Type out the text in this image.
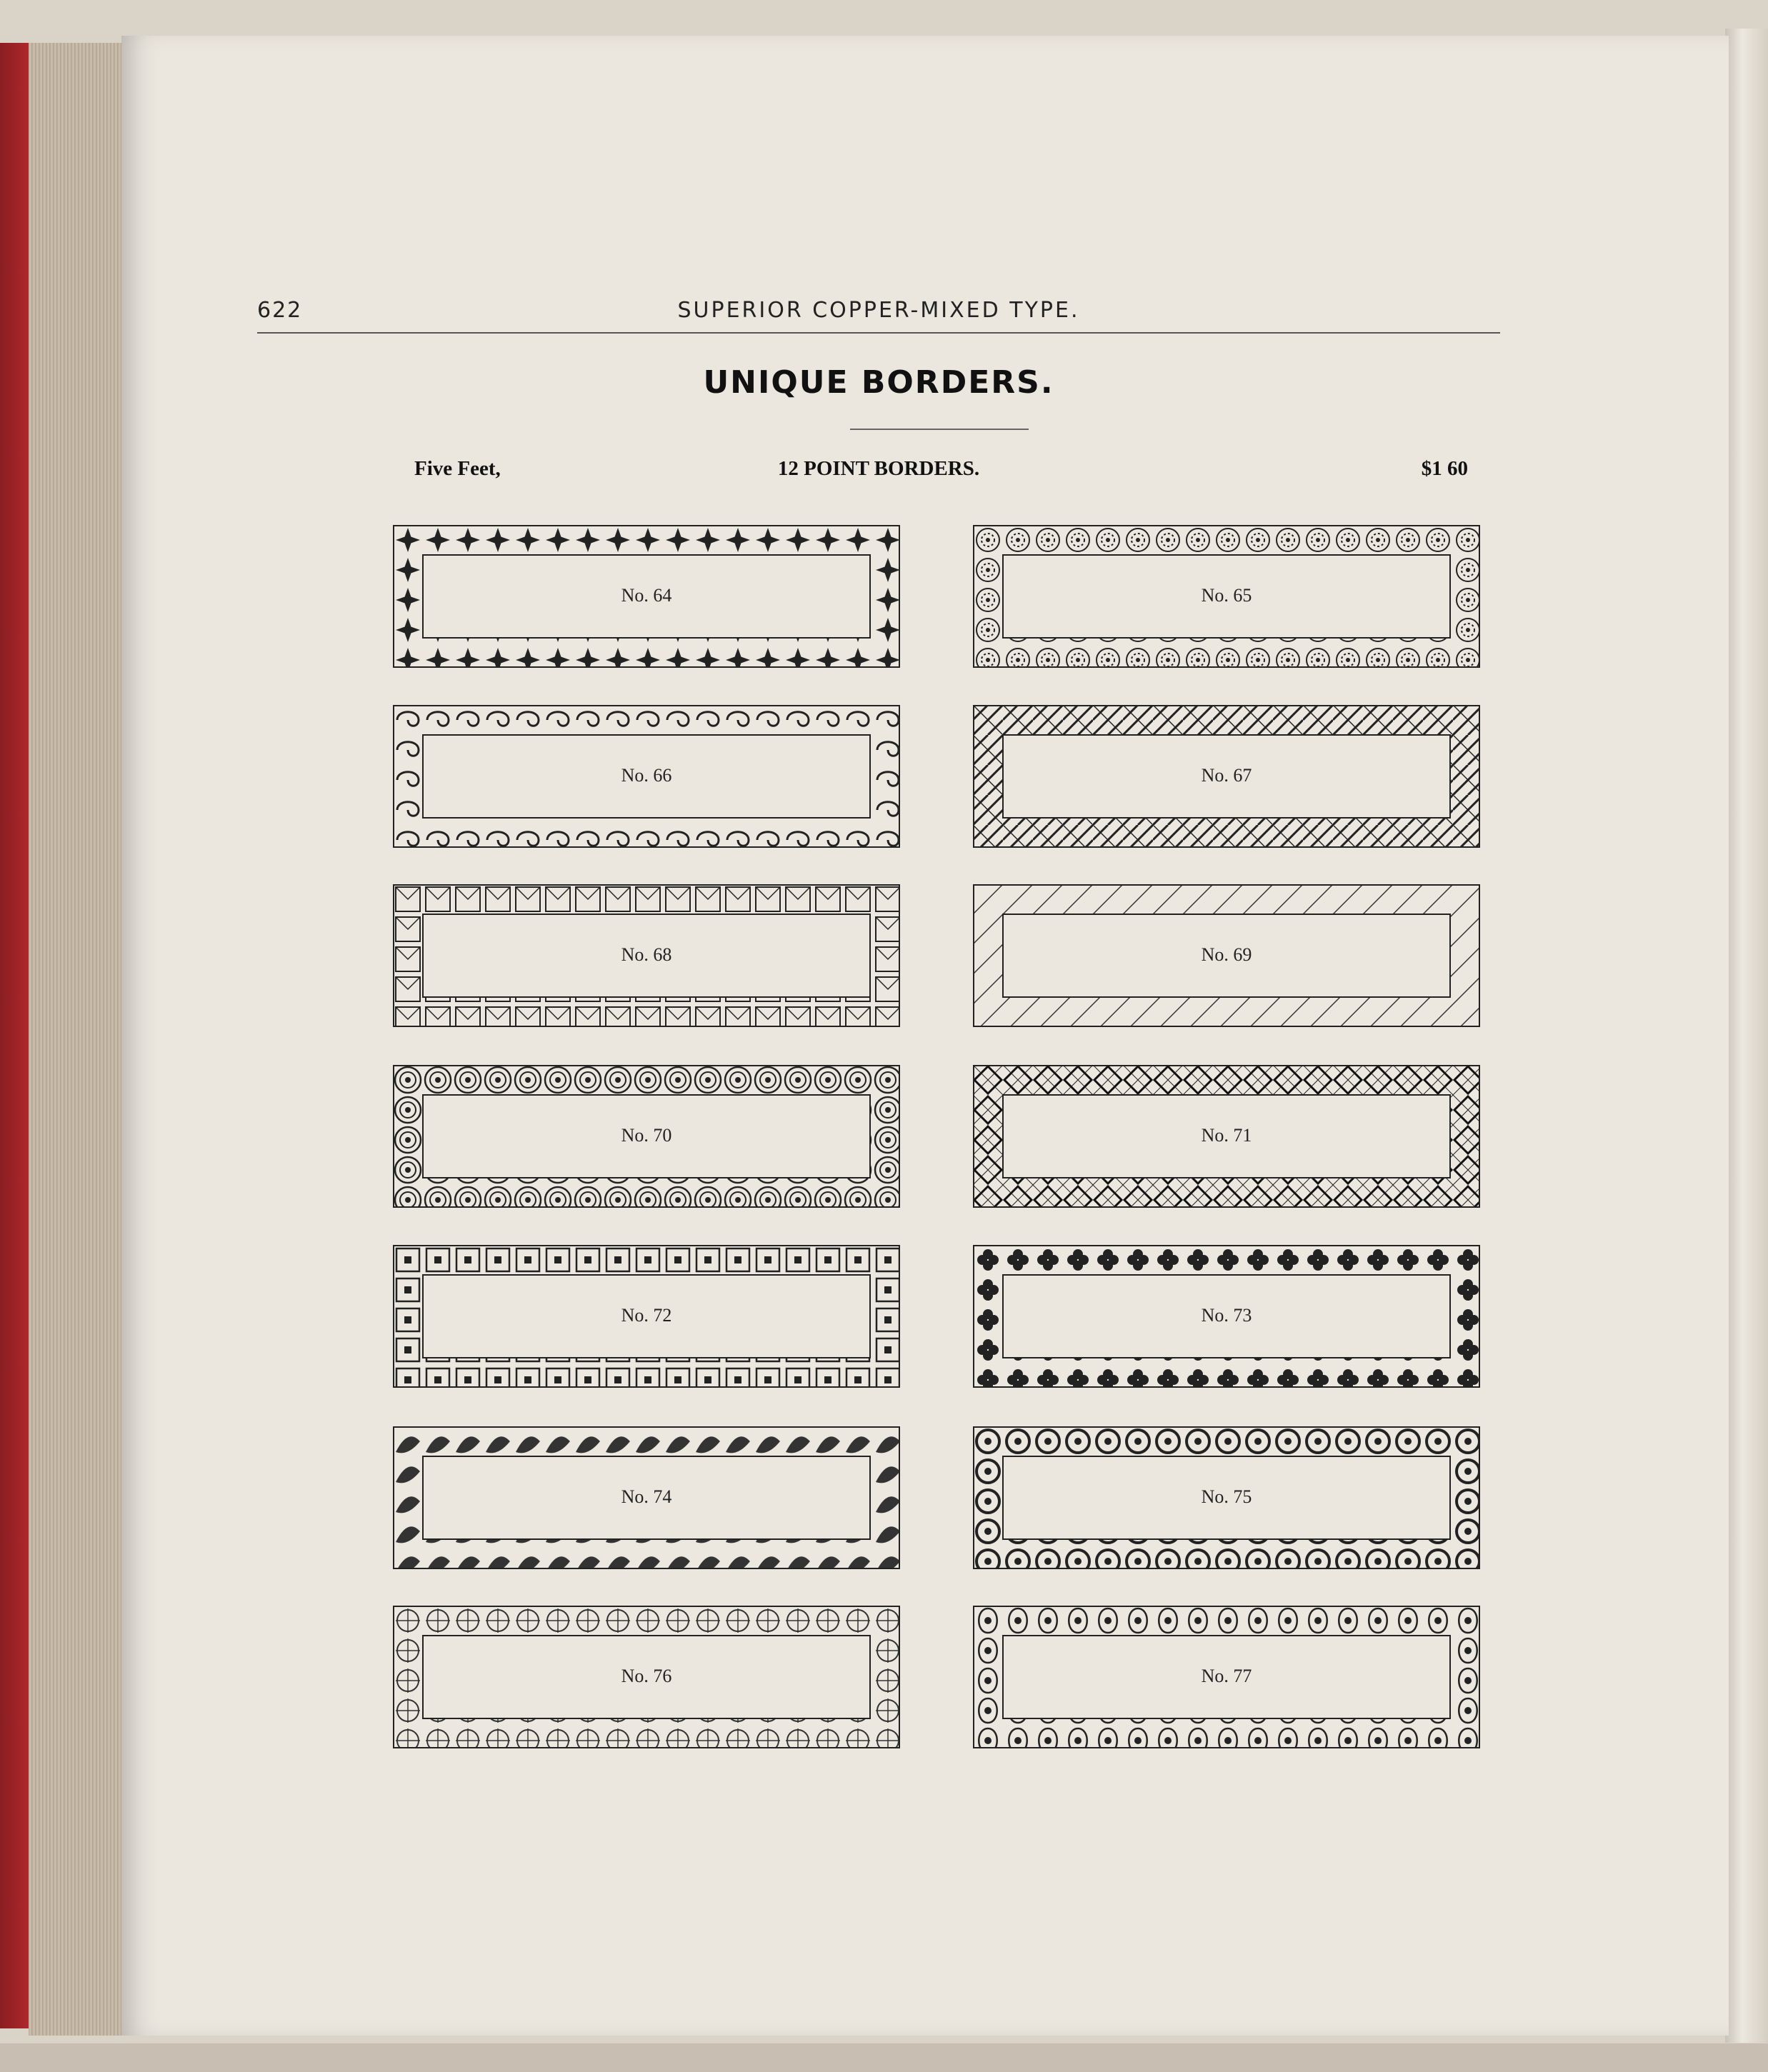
622	SUPERIOR COPPER-MIXED TYPE.
UNIQUE BORDERS.
Five Feet,	12 POINT BORDERS.	$1 60
No. 64	No. 65
No. 66	No. 67
No. 68	No. 69
No. 70	No. 71
No. 72	No. 73
No. 74	No. 75
No. 76	No. 77
